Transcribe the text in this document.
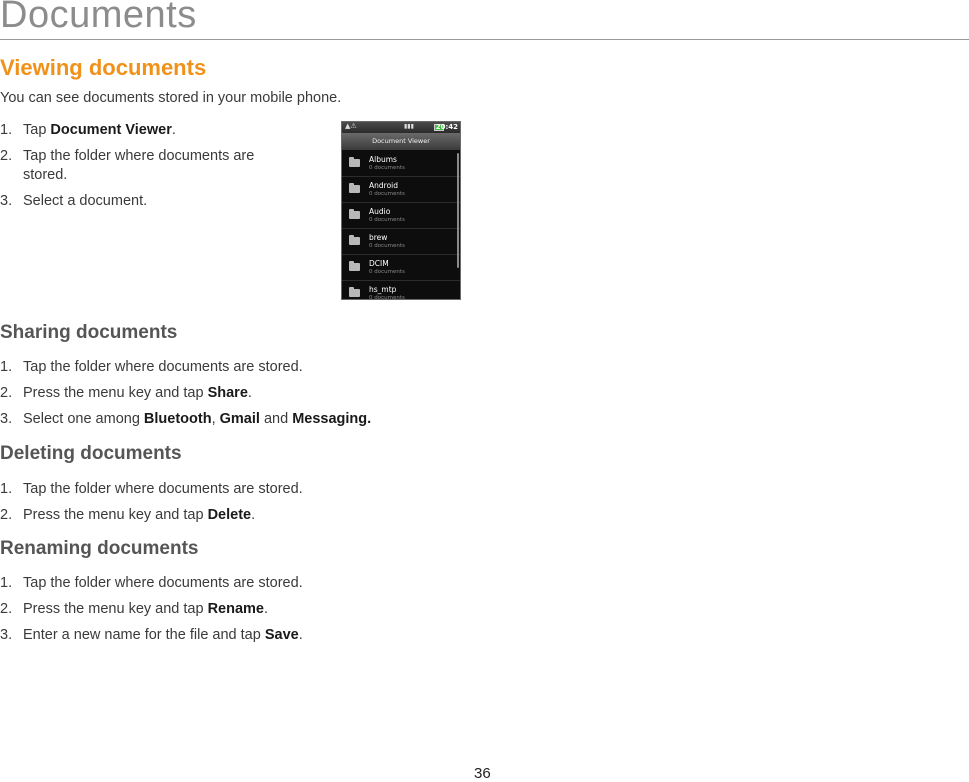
Documents
Viewing documents
You can see documents stored in your mobile phone.
1. Tap Document Viewer.
2. Tap the folder where documents are
stored.
3. Select a document.
▲⚠	▮▮▮	20:42
Document Viewer
Albums
0 documents
Android
0 documents
Audio
0 documents
brew
0 documents
DCIM
0 documents
hs_mtp
0 documents
Sharing documents
1. Tap the folder where documents are stored.
2. Press the menu key and tap Share.
3. Select one among Bluetooth, Gmail and Messaging.
Deleting documents
1. Tap the folder where documents are stored.
2. Press the menu key and tap Delete.
Renaming documents
1. Tap the folder where documents are stored.
2. Press the menu key and tap Rename.
3. Enter a new name for the file and tap Save.
36
